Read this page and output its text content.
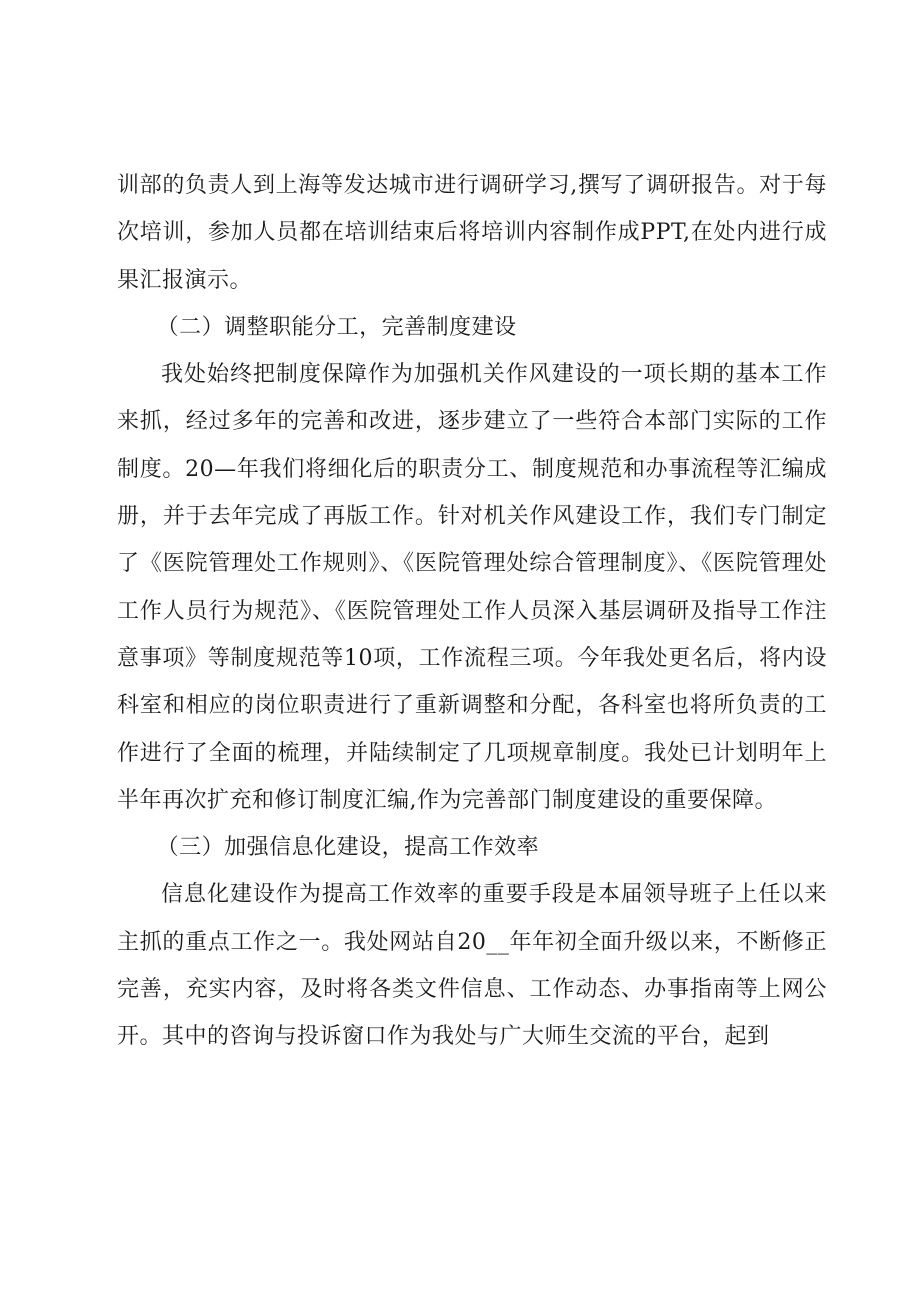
训部的负责人到上海等发达城市进行调研学习,撰写了调研报告。对于每次培训，参加人员都在培训结束后将培训内容制作成PPT,在处内进行成果汇报演示。

（二）调整职能分工，完善制度建设

我处始终把制度保障作为加强机关作风建设的一项长期的基本工作来抓，经过多年的完善和改进，逐步建立了一些符合本部门实际的工作制度。20—年我们将细化后的职责分工、制度规范和办事流程等汇编成册，并于去年完成了再版工作。针对机关作风建设工作，我们专门制定了《医院管理处工作规则》、《医院管理处综合管理制度》、《医院管理处工作人员行为规范》、《医院管理处工作人员深入基层调研及指导工作注意事项》等制度规范等10项，工作流程三项。今年我处更名后，将内设科室和相应的岗位职责进行了重新调整和分配，各科室也将所负责的工作进行了全面的梳理，并陆续制定了几项规章制度。我处已计划明年上半年再次扩充和修订制度汇编,作为完善部门制度建设的重要保障。

（三）加强信息化建设，提高工作效率

信息化建设作为提高工作效率的重要手段是本届领导班子上任以来主抓的重点工作之一。我处网站自20__年年初全面升级以来，不断修正完善，充实内容，及时将各类文件信息、工作动态、办事指南等上网公开。其中的咨询与投诉窗口作为我处与广大师生交流的平台，起到
